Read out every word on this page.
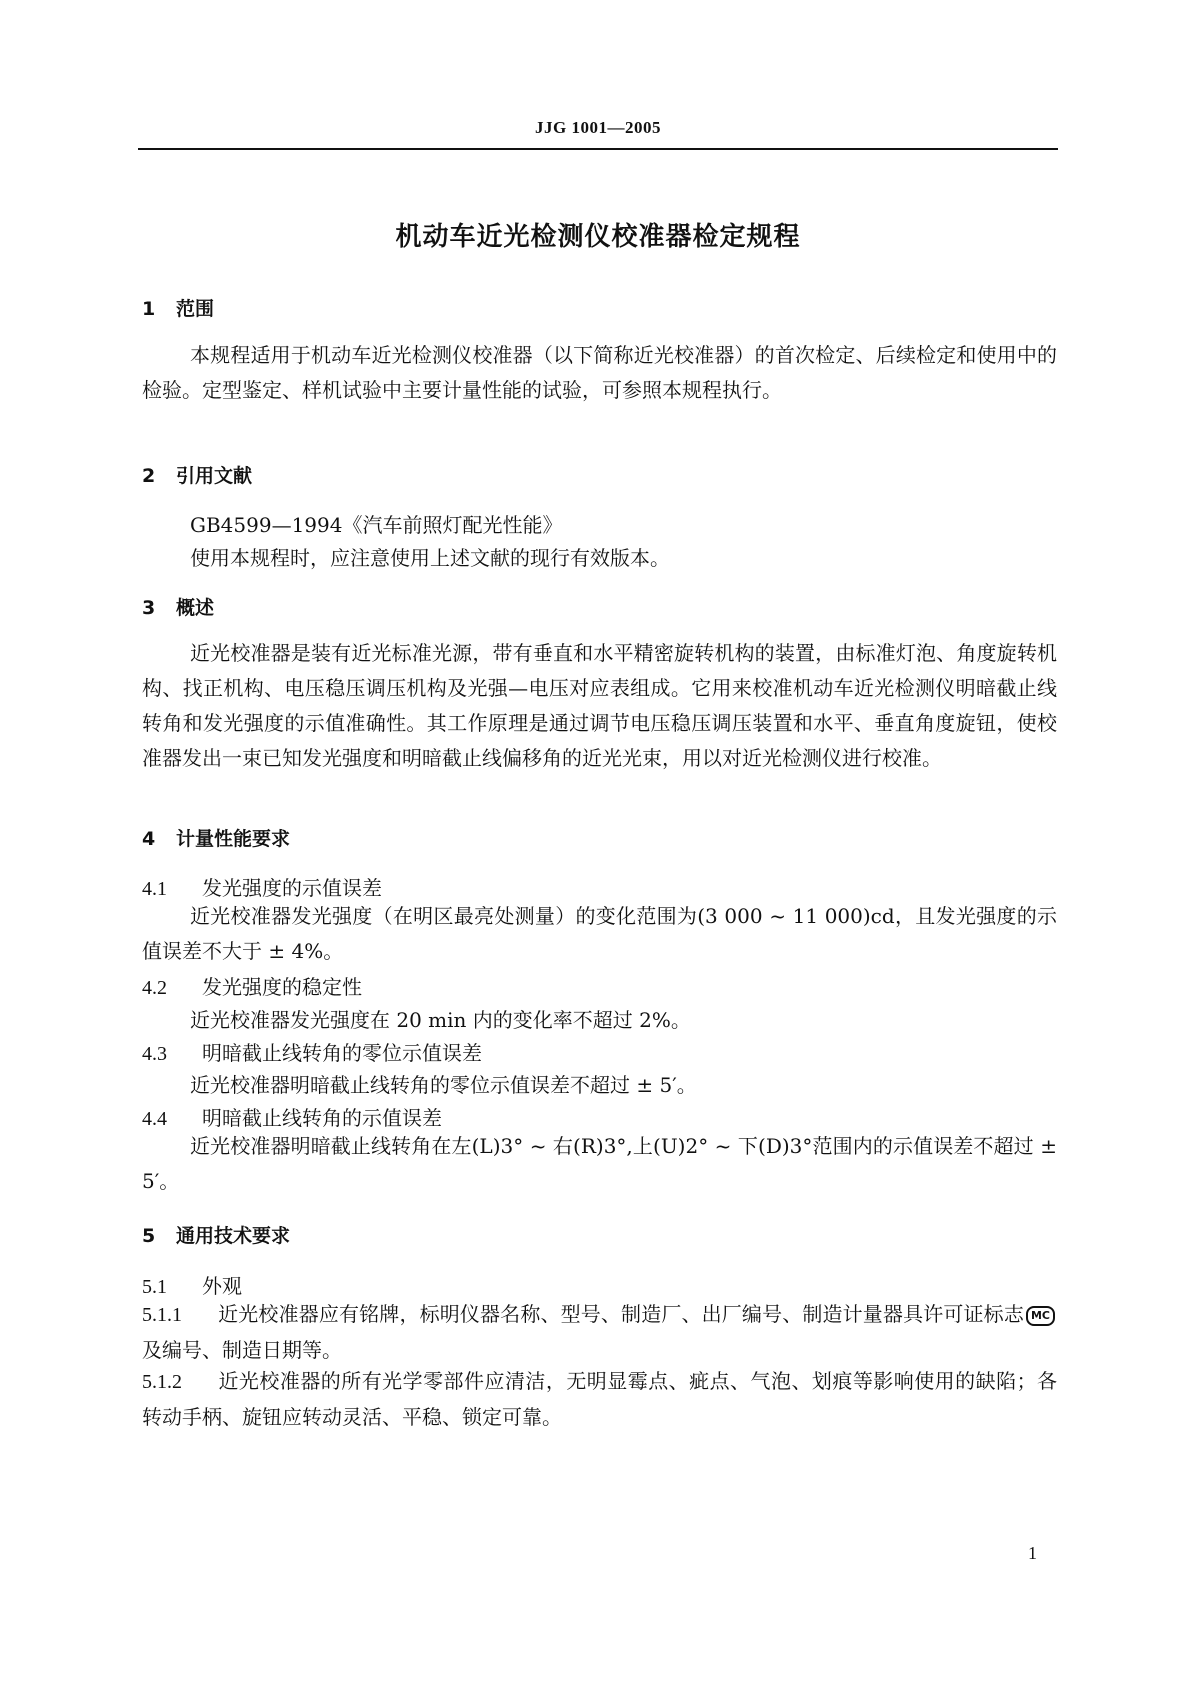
JJG 1001—2005
机动车近光检测仪校准器检定规程
1 范围
本规程适用于机动车近光检测仪校准器（以下简称近光校准器）的首次检定、后续检定和使用中的检验。定型鉴定、样机试验中主要计量性能的试验，可参照本规程执行。
2 引用文献
GB4599—1994《汽车前照灯配光性能》
使用本规程时，应注意使用上述文献的现行有效版本。
3 概述
近光校准器是装有近光标准光源，带有垂直和水平精密旋转机构的装置，由标准灯泡、角度旋转机构、找正机构、电压稳压调压机构及光强—电压对应表组成。它用来校准机动车近光检测仪明暗截止线转角和发光强度的示值准确性。其工作原理是通过调节电压稳压调压装置和水平、垂直角度旋钮，使校准器发出一束已知发光强度和明暗截止线偏移角的近光光束，用以对近光检测仪进行校准。
4 计量性能要求
4.1 发光强度的示值误差
近光校准器发光强度（在明区最亮处测量）的变化范围为(3 000 ~ 11 000)cd，且发光强度的示值误差不大于 ± 4%。
4.2 发光强度的稳定性
近光校准器发光强度在 20 min 内的变化率不超过 2%。
4.3 明暗截止线转角的零位示值误差
近光校准器明暗截止线转角的零位示值误差不超过 ± 5′。
4.4 明暗截止线转角的示值误差
近光校准器明暗截止线转角在左(L)3° ~ 右(R)3°,上(U)2° ~ 下(D)3°范围内的示值误差不超过 ± 5′。
5 通用技术要求
5.1 外观
5.1.1 近光校准器应有铭牌，标明仪器名称、型号、制造厂、出厂编号、制造计量器具许可证标志 MC及编号、制造日期等。
5.1.2 近光校准器的所有光学零部件应清洁，无明显霉点、疵点、气泡、划痕等影响使用的缺陷；各转动手柄、旋钮应转动灵活、平稳、锁定可靠。
1
